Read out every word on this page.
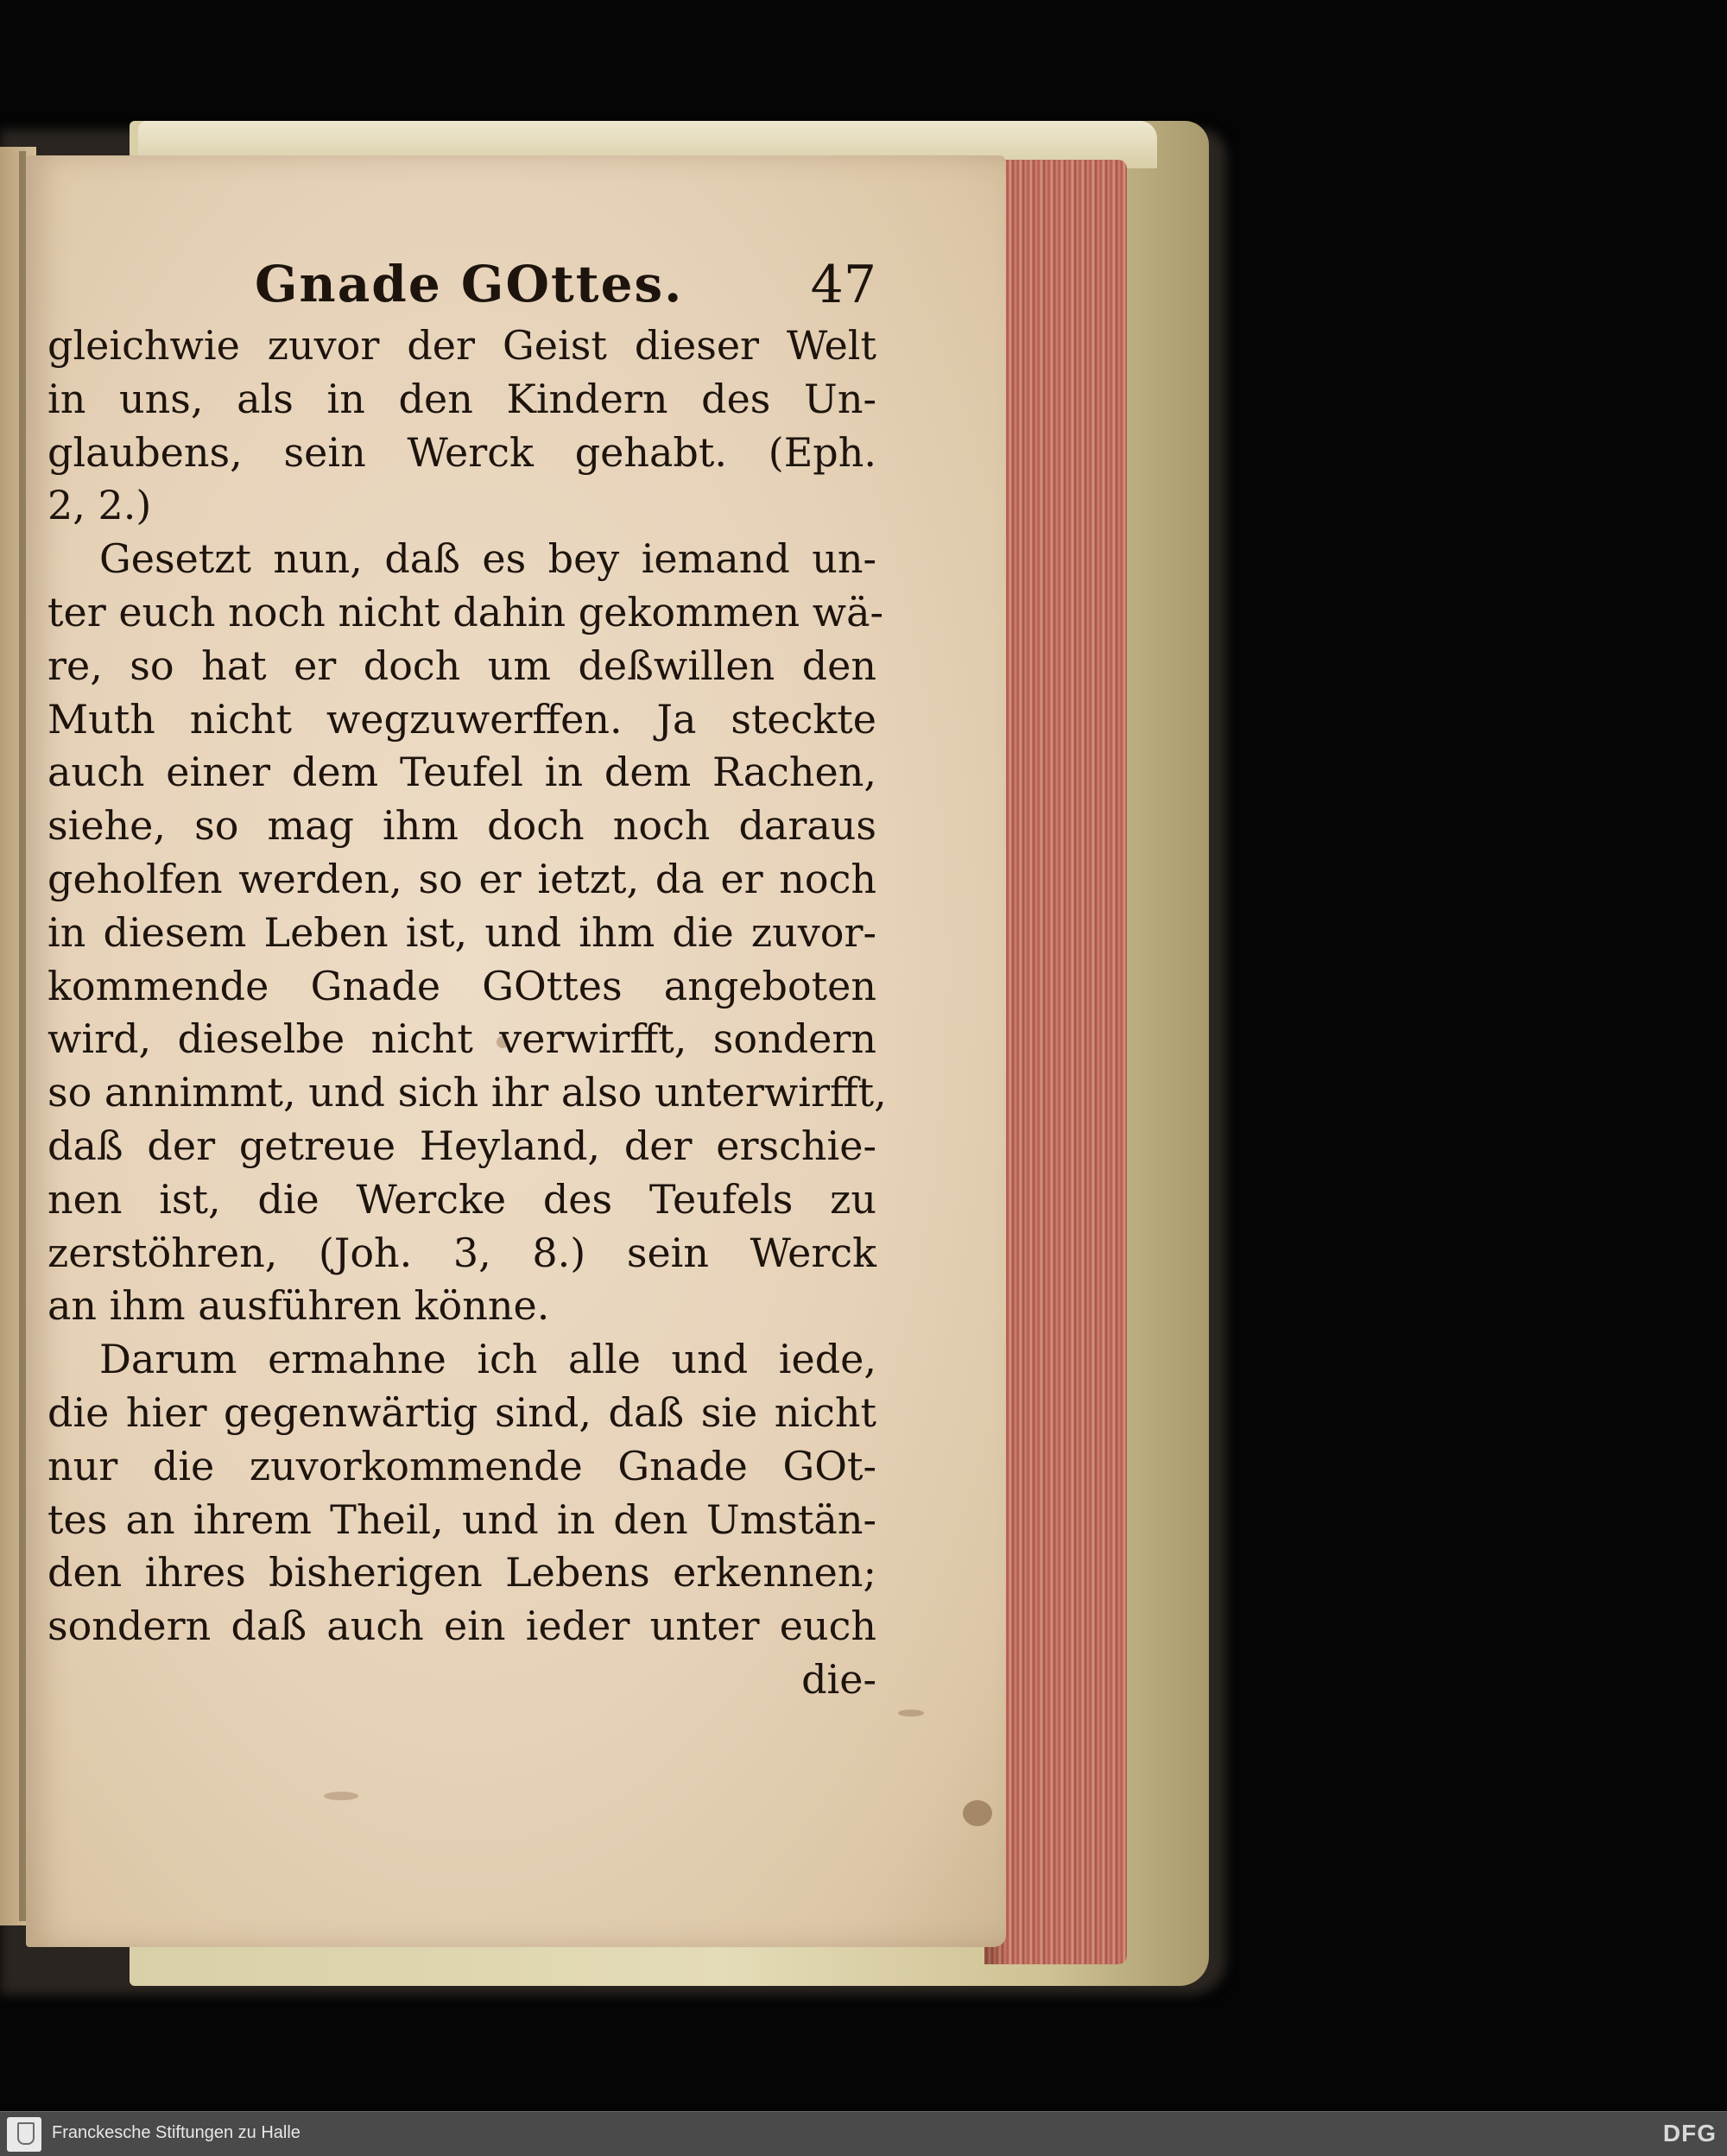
Gnade GOttes. 47
gleichwie zuvor der Geist dieser Welt
in uns, als in den Kindern des Un-
glaubens, sein Werck gehabt. (Eph.
2, 2.)
Gesetzt nun, daß es bey iemand un-
ter euch noch nicht dahin gekommen wä-
re, so hat er doch um deßwillen den
Muth nicht wegzuwerffen. Ja steckte
auch einer dem Teufel in dem Rachen,
siehe, so mag ihm doch noch daraus
geholfen werden, so er ietzt, da er noch
in diesem Leben ist, und ihm die zuvor-
kommende Gnade GOttes angeboten
wird, dieselbe nicht verwirfft, sondern
so annimmt, und sich ihr also unterwirfft,
daß der getreue Heyland, der erschie-
nen ist, die Wercke des Teufels zu
zerstöhren, (Joh. 3, 8.) sein Werck
an ihm ausführen könne.
Darum ermahne ich alle und iede,
die hier gegenwärtig sind, daß sie nicht
nur die zuvorkommende Gnade GOt-
tes an ihrem Theil, und in den Umstän-
den ihres bisherigen Lebens erkennen;
sondern daß auch ein ieder unter euch
die-
Franckesche Stiftungen zu Halle	DFG
